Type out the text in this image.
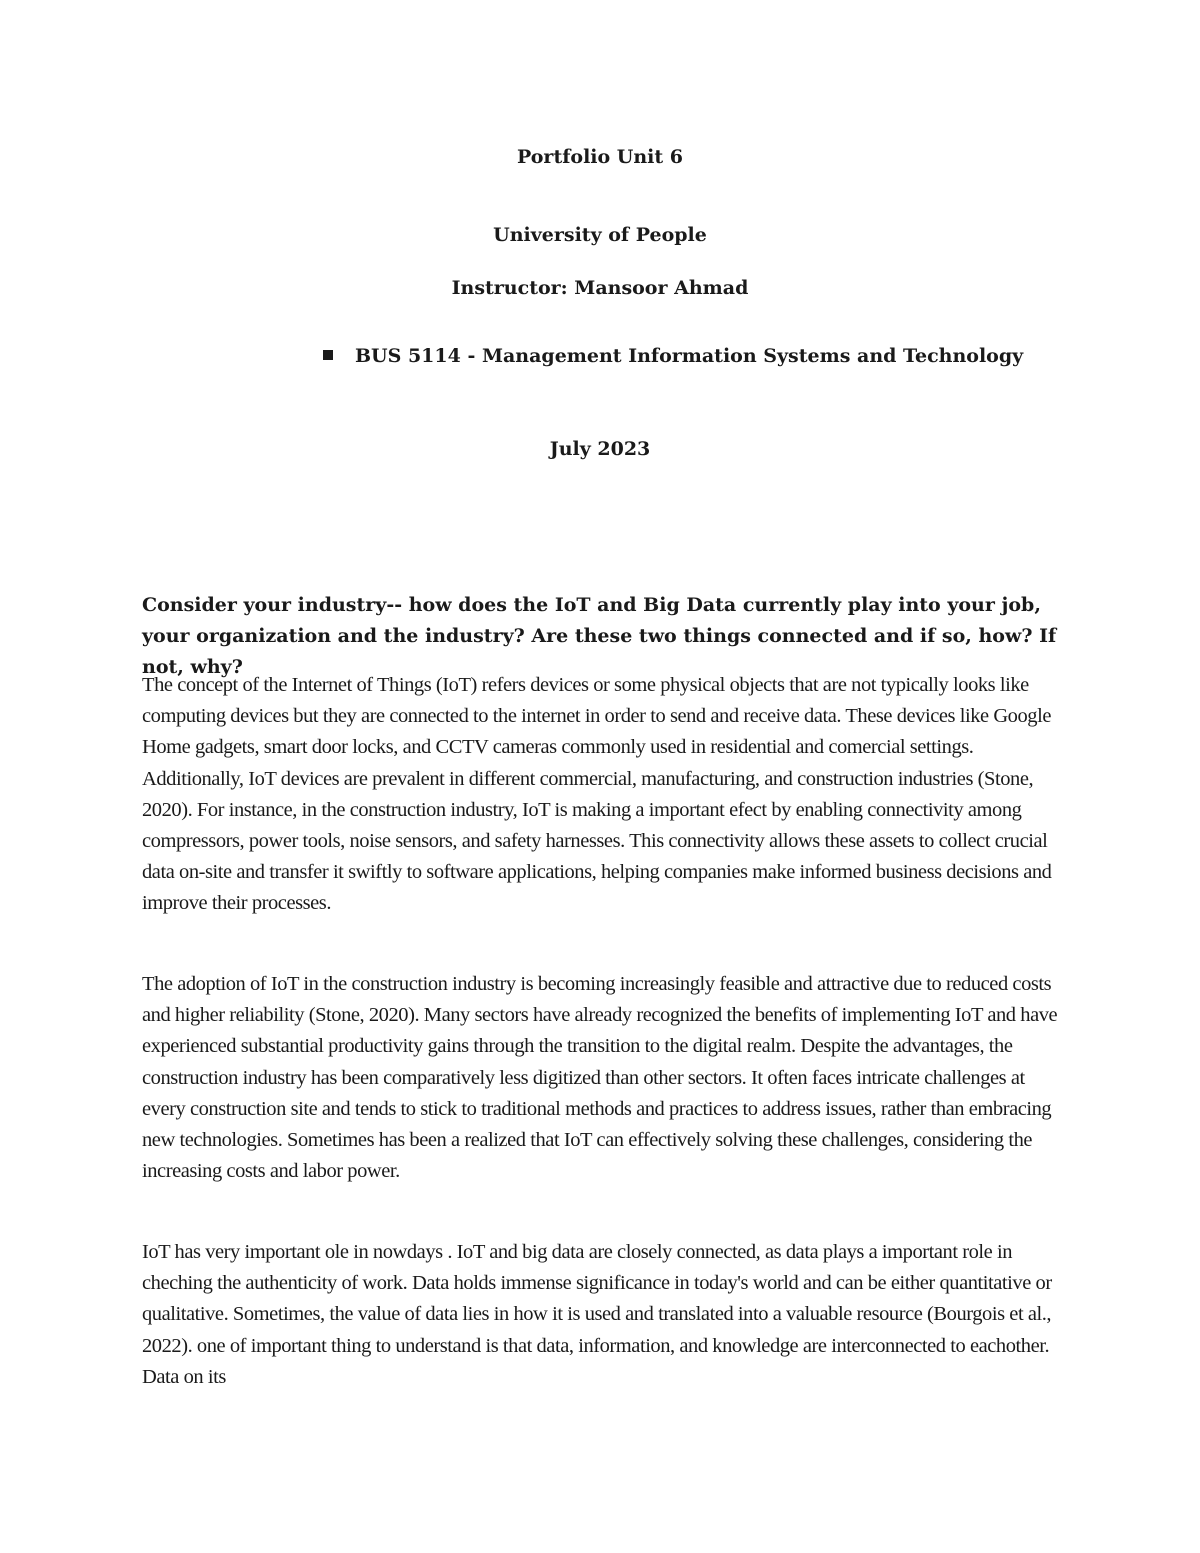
Portfolio Unit 6
University of People
Instructor: Mansoor Ahmad
BUS 5114 - Management Information Systems and Technology
July 2023

Consider your industry-- how does the IoT and Big Data currently play into your job, your organization and the industry? Are these two things connected and if so, how? If not, why?

The concept of the Internet of Things (IoT) refers devices or some physical objects that are not typically looks like computing devices but they are connected to the internet in order to send and receive data. These devices like Google Home gadgets, smart door locks, and CCTV cameras commonly used in residential and comercial settings. Additionally, IoT devices are prevalent in different commercial, manufacturing, and construction industries (Stone, 2020). For instance, in the construction industry, IoT is making a important efect by enabling connectivity among compressors, power tools, noise sensors, and safety harnesses. This connectivity allows these assets to collect crucial data on-site and transfer it swiftly to software applications, helping companies make informed business decisions and improve their processes.

The adoption of IoT in the construction industry is becoming increasingly feasible and attractive due to reduced costs and higher reliability (Stone, 2020). Many sectors have already recognized the benefits of implementing IoT and have experienced substantial productivity gains through the transition to the digital realm. Despite the advantages, the construction industry has been comparatively less digitized than other sectors. It often faces intricate challenges at every construction site and tends to stick to traditional methods and practices to address issues, rather than embracing new technologies. Sometimes has been a realized that IoT can effectively solving these challenges, considering the increasing costs and labor power.

IoT has very important ole in nowdays . IoT and big data are closely connected, as data plays a important role in cheching the authenticity of work. Data holds immense significance in today's world and can be either quantitative or qualitative. Sometimes, the value of data lies in how it is used and translated into a valuable resource (Bourgois et al., 2022). one of important thing to understand is that data, information, and knowledge are interconnected to eachother. Data on its
